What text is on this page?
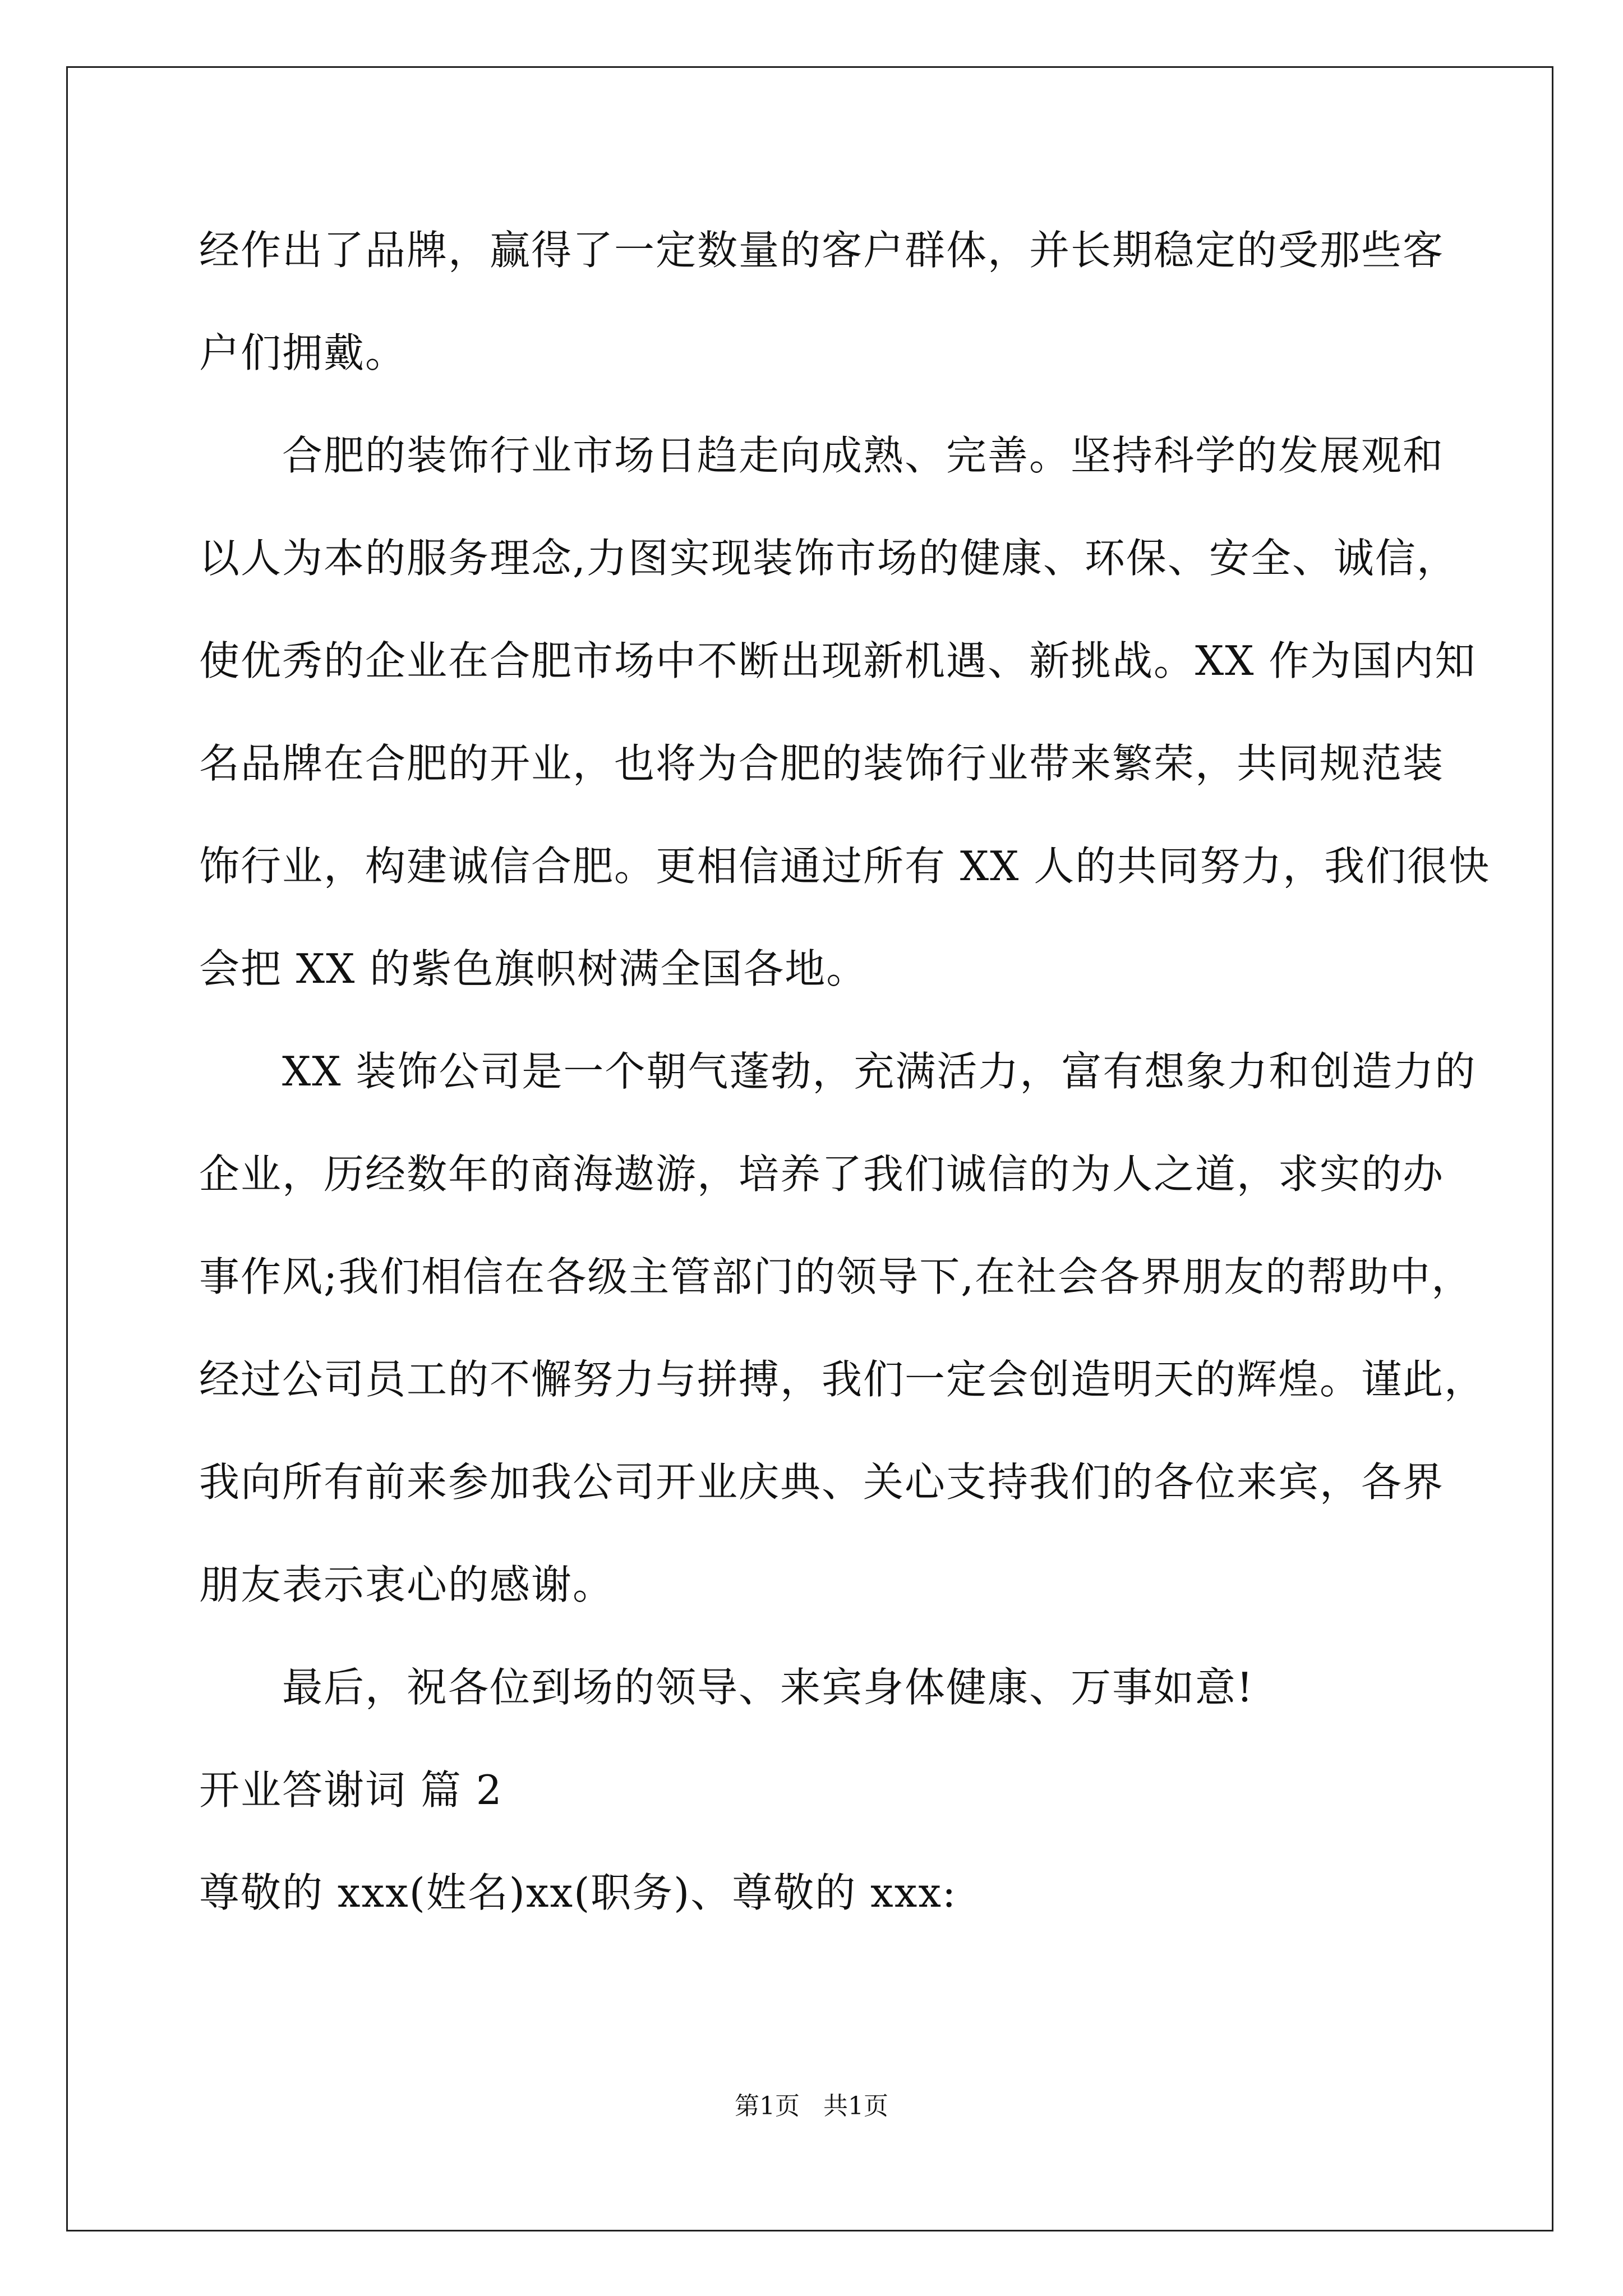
经作出了品牌，赢得了一定数量的客户群体，并长期稳定的受那些客
户们拥戴。
合肥的装饰行业市场日趋走向成熟、完善。坚持科学的发展观和
以人为本的服务理念,力图实现装饰市场的健康、环保、安全、诚信，
使优秀的企业在合肥市场中不断出现新机遇、新挑战。XX 作为国内知
名品牌在合肥的开业，也将为合肥的装饰行业带来繁荣，共同规范装
饰行业，构建诚信合肥。更相信通过所有 XX 人的共同努力，我们很快
会把 XX 的紫色旗帜树满全国各地。
XX 装饰公司是一个朝气蓬勃，充满活力，富有想象力和创造力的
企业，历经数年的商海遨游，培养了我们诚信的为人之道，求实的办
事作风;我们相信在各级主管部门的领导下,在社会各界朋友的帮助中，
经过公司员工的不懈努力与拼搏，我们一定会创造明天的辉煌。谨此，
我向所有前来参加我公司开业庆典、关心支持我们的各位来宾，各界
朋友表示衷心的感谢。
最后，祝各位到场的领导、来宾身体健康、万事如意!
开业答谢词 篇 2
尊敬的 xxx(姓名)xx(职务)、尊敬的 xxx:
第1页 共1页
